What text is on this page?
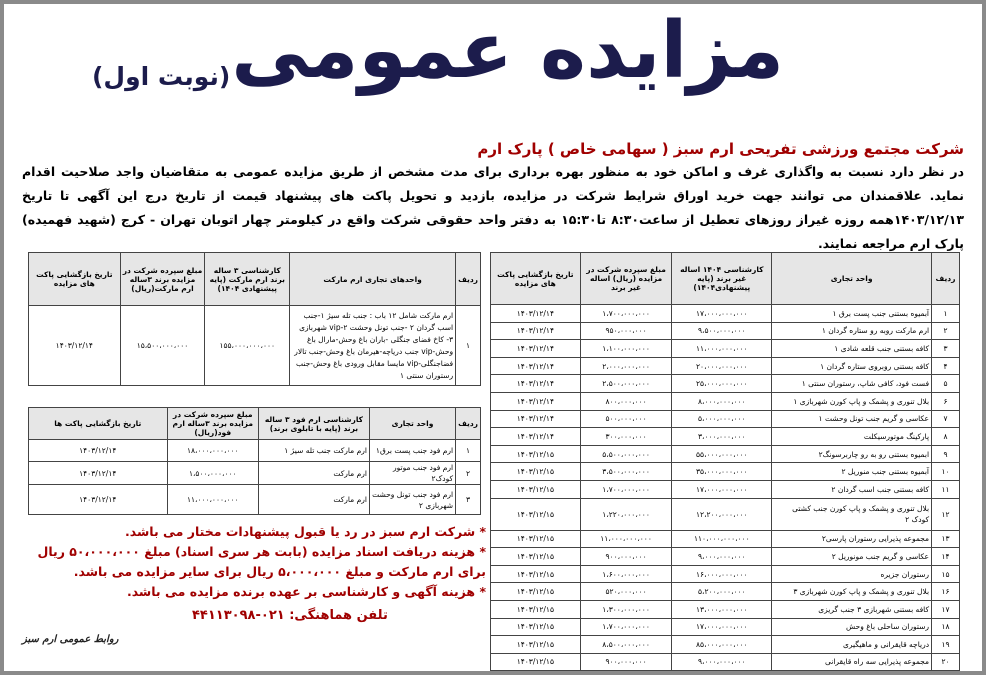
مزایده عمومی
(نوبت اول)
شرکت مجتمع ورزشی تفریحی ارم سبز ( سهامی خاص ) پارک ارم
در نظر دارد نسبت به واگذاری غرف و اماکن خود به منظور بهره برداری برای مدت مشخص از طریق مزایده عمومی به متقاضیان واجد صلاحیت اقدام نماید. علاقمندان می توانند جهت خرید اوراق شرایط شرکت در مزایده، بازدید و تحویل پاکت های پیشنهاد قیمت از تاریخ درج این آگهی تا تاریخ ۱۴۰۳/۱۲/۱۳همه روزه غیراز روزهای تعطیل از ساعت۸:۳۰ تا۱۵:۳۰ به دفتر واحد حقوقی شرکت واقع در کیلومتر چهار اتوبان تهران - کرج (شهید فهمیده) پارک ارم مراجعه نمایند.
ردیف	واحد تجاری	کارشناسی ۱۴۰۴ اساله غیر برند (پایه پیشنهادی۱۴۰۴)	مبلغ سپرده شرکت در مزایده (ریال) اساله غیر برند	تاریخ بازگشایی پاکت های مزایده
۱	آبمیوه بستنی جنب پست برق ۱	۱۷،۰۰۰،۰۰۰،۰۰۰	۱،۷۰۰،۰۰۰،۰۰۰	۱۴۰۳/۱۲/۱۴
۲	ارم مارکت روبه رو ستاره گردان ۱	۹،۵۰۰،۰۰۰،۰۰۰	۹۵۰،۰۰۰،۰۰۰	۱۴۰۳/۱۲/۱۴
۳	کافه بستنی جنب قلعه شادی ۱	۱۱،۰۰۰،۰۰۰،۰۰۰	۱،۱۰۰،۰۰۰،۰۰۰	۱۴۰۳/۱۲/۱۴
۴	کافه بستنی روبروی ستاره گردان ۱	۲۰،۰۰۰،۰۰۰،۰۰۰	۲،۰۰۰،۰۰۰،۰۰۰	۱۴۰۳/۱۲/۱۴
۵	فست فود، کافی شاپ، رستوران سنتی ۱	۲۵،۰۰۰،۰۰۰،۰۰۰	۲،۵۰۰،۰۰۰،۰۰۰	۱۴۰۳/۱۲/۱۴
۶	بلال تنوری و پشمک و پاپ کورن شهربازی ۱	۸،۰۰۰،۰۰۰،۰۰۰	۸۰۰،۰۰۰،۰۰۰	۱۴۰۳/۱۲/۱۴
۷	عکاسی و گریم جنب تونل وحشت ۱	۵،۰۰۰،۰۰۰،۰۰۰	۵۰۰،۰۰۰،۰۰۰	۱۴۰۳/۱۲/۱۴
۸	پارکینگ موتورسیکلت	۳،۰۰۰،۰۰۰،۰۰۰	۳۰۰،۰۰۰،۰۰۰	۱۴۰۳/۱۲/۱۴
۹	ابمیوه بستنی رو به رو چاربرسونگ۲	۵۵،۰۰۰،۰۰۰،۰۰۰	۵،۵۰۰،۰۰۰،۰۰۰	۱۴۰۳/۱۲/۱۵
۱۰	آبمیوه بستنی جنب منوریل ۲	۳۵،۰۰۰،۰۰۰،۰۰۰	۳،۵۰۰،۰۰۰،۰۰۰	۱۴۰۳/۱۲/۱۵
۱۱	کافه بستنی جنب اسب گردان ۲	۱۷،۰۰۰،۰۰۰،۰۰۰	۱،۷۰۰،۰۰۰،۰۰۰	۱۴۰۳/۱۲/۱۵
۱۲	بلال تنوری و پشمک و پاپ کورن جنب کشتی کودک ۲	۱۲،۲۰۰،۰۰۰،۰۰۰	۱،۲۲۰،۰۰۰،۰۰۰	۱۴۰۳/۱۲/۱۵
۱۳	مجموعه پذیرایی رستوران پارسی۲	۱۱۰،۰۰۰،۰۰۰،۰۰۰	۱۱،۰۰۰،۰۰۰،۰۰۰	۱۴۰۳/۱۲/۱۵
۱۴	عکاسی و گریم جنب مونوریل ۲	۹،۰۰۰،۰۰۰،۰۰۰	۹۰۰،۰۰۰،۰۰۰	۱۴۰۳/۱۲/۱۵
۱۵	رستوران جزیره	۱۶،۰۰۰،۰۰۰،۰۰۰	۱،۶۰۰،۰۰۰،۰۰۰	۱۴۰۳/۱۲/۱۵
۱۶	بلال تنوری و پشمک و پاپ کورن شهربازی ۳	۵،۲۰۰،۰۰۰،۰۰۰	۵۲۰،۰۰۰،۰۰۰	۱۴۰۳/۱۲/۱۵
۱۷	کافه بستنی شهربازی ۳ جنب گریزی	۱۳،۰۰۰،۰۰۰،۰۰۰	۱،۳۰۰،۰۰۰،۰۰۰	۱۴۰۳/۱۲/۱۵
۱۸	رستوران ساحلی باغ وحش	۱۷،۰۰۰،۰۰۰،۰۰۰	۱،۷۰۰،۰۰۰،۰۰۰	۱۴۰۳/۱۲/۱۵
۱۹	دریاچه قایقرانی و ماهیگیری	۸۵،۰۰۰،۰۰۰،۰۰۰	۸،۵۰۰،۰۰۰،۰۰۰	۱۴۰۳/۱۲/۱۵
۲۰	مجموعه پذیرایی سه راه قایقرانی	۹،۰۰۰،۰۰۰،۰۰۰	۹۰۰،۰۰۰،۰۰۰	۱۴۰۳/۱۲/۱۵
ردیف	واحدهای تجاری ارم مارکت	کارشناسی ۳ ساله برند ارم مارکت (پایه پیشنهادی ۱۴۰۴)	مبلغ سپرده شرکت در مزایده برند ۳ساله ارم مارکت(ریال)	تاریخ بازگشایی پاکت های مزایده
۱	ارم مارکت شامل ۱۲ باب : جنب تله سیژ ۱-جنب اسب گردان ۲ -جنب تونل وحشت ۲-vip شهربازی ۳- کاخ فضای جنگلی -باران باغ وحش-مارال باغ وحش-vip جنب دریاچه-هیرمان باغ وحش-جنب تالار فضاجنگلی-vip مایسا مقابل ورودی باغ وحش-جنب رستوران سنتی ۱	۱۵۵،۰۰۰،۰۰۰،۰۰۰	۱۵،۵۰۰،۰۰۰،۰۰۰	۱۴۰۳/۱۲/۱۴
ردیف	واحد تجاری	کارشناسی ارم فود ۳ ساله برند (پایه با تابلوی برند)	مبلغ سپرده شرکت در مزایده برند ۳ساله ارم فود(ریال)	تاریخ بازگشایی پاکت ها
۱	ارم فود جنب پست برق۱	ارم مارکت جنب تله سیژ ۱	۱۸،۰۰۰،۰۰۰،۰۰۰	۱۴۰۳/۱۲/۱۴
۲	ارم فود جنب موتور کودک۲	ارم مارکت	۱،۵۰۰،۰۰۰،۰۰۰	۱۴۰۳/۱۲/۱۴
۳	ارم فود جنب تونل وحشت شهربازی ۲	ارم مارکت	۱۱،۰۰۰،۰۰۰،۰۰۰	۱۴۰۳/۱۲/۱۴
* شرکت ارم سبز در رد یا قبول پیشنهادات مختار می باشد.
* هزینه دریافت اسناد مزایده (بابت هر سری اسناد) مبلغ ۵۰،۰۰۰،۰۰۰ ریال برای ارم مارکت و مبلغ ۵،۰۰۰،۰۰۰ ریال برای سایر مزایده می باشد.
* هزینه آگهی و کارشناسی بر عهده برنده مزایده می باشد.
تلفن هماهنگی: ۰۲۱-۴۴۱۱۳۰۹۸
روابط عمومی ارم سبز
